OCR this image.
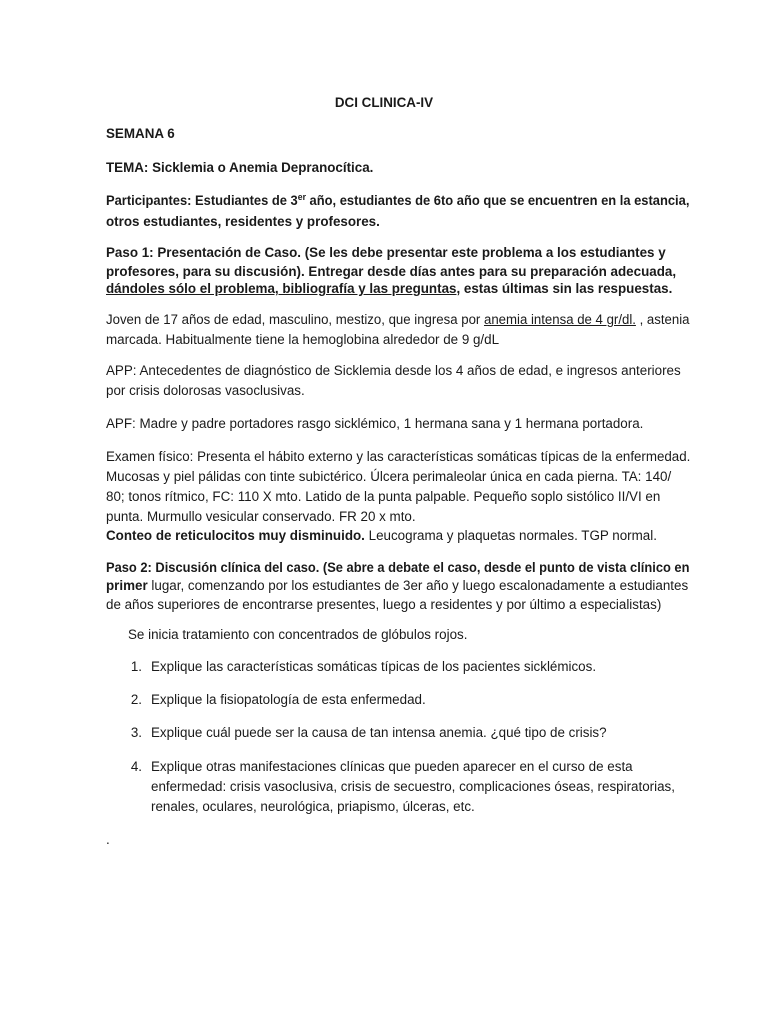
DCI CLINICA-IV
SEMANA 6
TEMA: Sicklemia o Anemia Depranocítica.
Participantes: Estudiantes de 3er año, estudiantes de 6to año que se encuentren en la estancia,
otros estudiantes, residentes y profesores.
Paso 1: Presentación de Caso. (Se les debe presentar este problema a los estudiantes y
profesores, para su discusión). Entregar desde días antes para su preparación adecuada,
dándoles sólo el problema, bibliografía y las preguntas, estas últimas sin las respuestas.
Joven de 17 años de edad, masculino, mestizo, que ingresa por anemia intensa de 4 gr/dl. , astenia
marcada. Habitualmente tiene la hemoglobina alrededor de 9 g/dL
APP: Antecedentes de diagnóstico de Sicklemia desde los 4 años de edad, e ingresos anteriores
por crisis dolorosas vasoclusivas.
APF: Madre y padre portadores rasgo sicklémico, 1 hermana sana y 1 hermana portadora.
Examen físico: Presenta el hábito externo y las características somáticas típicas de la enfermedad.
Mucosas y piel pálidas con tinte subictérico. Úlcera perimaleolar única en cada pierna. TA: 140/
80; tonos rítmico, FC: 110 X mto. Latido de la punta palpable. Pequeño soplo sistólico II/VI en
punta. Murmullo vesicular conservado. FR 20 x mto.
Conteo de reticulocitos muy disminuido. Leucograma y plaquetas normales. TGP normal.
Paso 2: Discusión clínica del caso. (Se abre a debate el caso, desde el punto de vista clínico en
primer lugar, comenzando por los estudiantes de 3er año y luego escalonadamente a estudiantes
de años superiores de encontrarse presentes, luego a residentes y por último a especialistas)
Se inicia tratamiento con concentrados de glóbulos rojos.
1. Explique las características somáticas típicas de los pacientes sicklémicos.
2. Explique la fisiopatología de esta enfermedad.
3. Explique cuál puede ser la causa de tan intensa anemia. ¿qué tipo de crisis?
4. Explique otras manifestaciones clínicas que pueden aparecer en el curso de esta
enfermedad: crisis vasoclusiva, crisis de secuestro, complicaciones óseas, respiratorias,
renales, oculares, neurológica, priapismo, úlceras, etc.
.
